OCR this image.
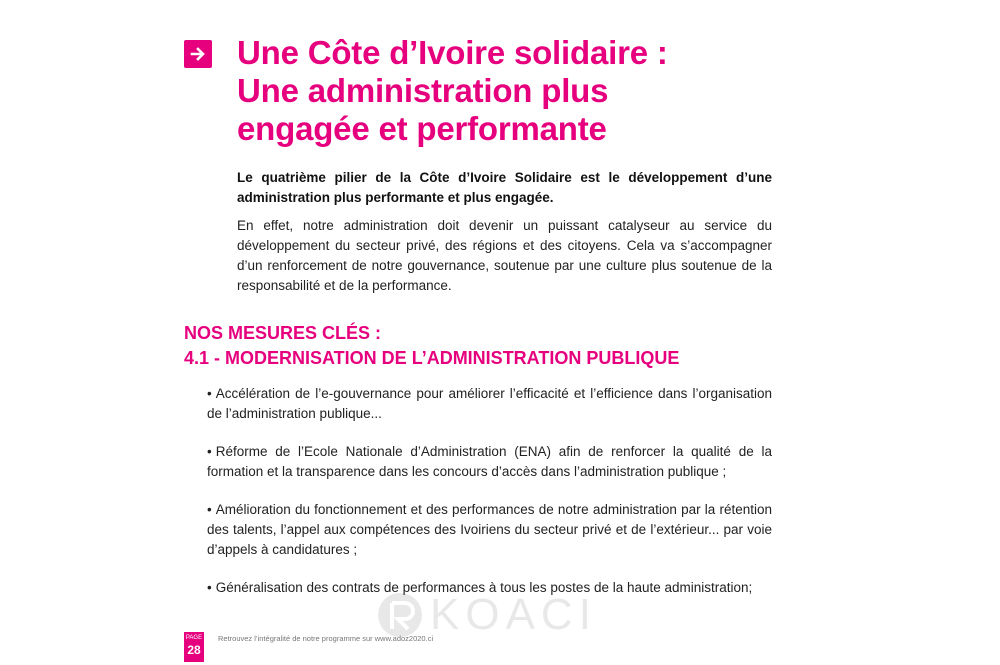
Une Côte d’Ivoire solidaire :
Une administration plus
engagée et performante

Le quatrième pilier de la Côte d’Ivoire Solidaire est le développement d’une administration plus performante et plus engagée.

En effet, notre administration doit devenir un puissant catalyseur au service du développement du secteur privé, des régions et des citoyens. Cela va s’accompagner d’un renforcement de notre gouvernance, soutenue par une culture plus soutenue de la responsabilité et de la performance.

NOS MESURES CLÉS :
4.1 - MODERNISATION DE L’ADMINISTRATION PUBLIQUE
• Accélération de l’e-gouvernance pour améliorer l’efficacité et l’efficience dans l’organisation de l’administration publique...
• Réforme de l’Ecole Nationale d’Administration (ENA) afin de renforcer la qualité de la formation et la transparence dans les concours d’accès dans l’administration publique ;
• Amélioration du fonctionnement et des performances de notre administration par la rétention des talents, l’appel aux compétences des Ivoiriens du secteur privé et de l’extérieur... par voie d’appels à candidatures ;
• Généralisation des contrats de performances à tous les postes de la haute administration;
KOACI
PAGE
28

Retrouvez l’intégralité de notre programme sur www.adoz2020.ci
